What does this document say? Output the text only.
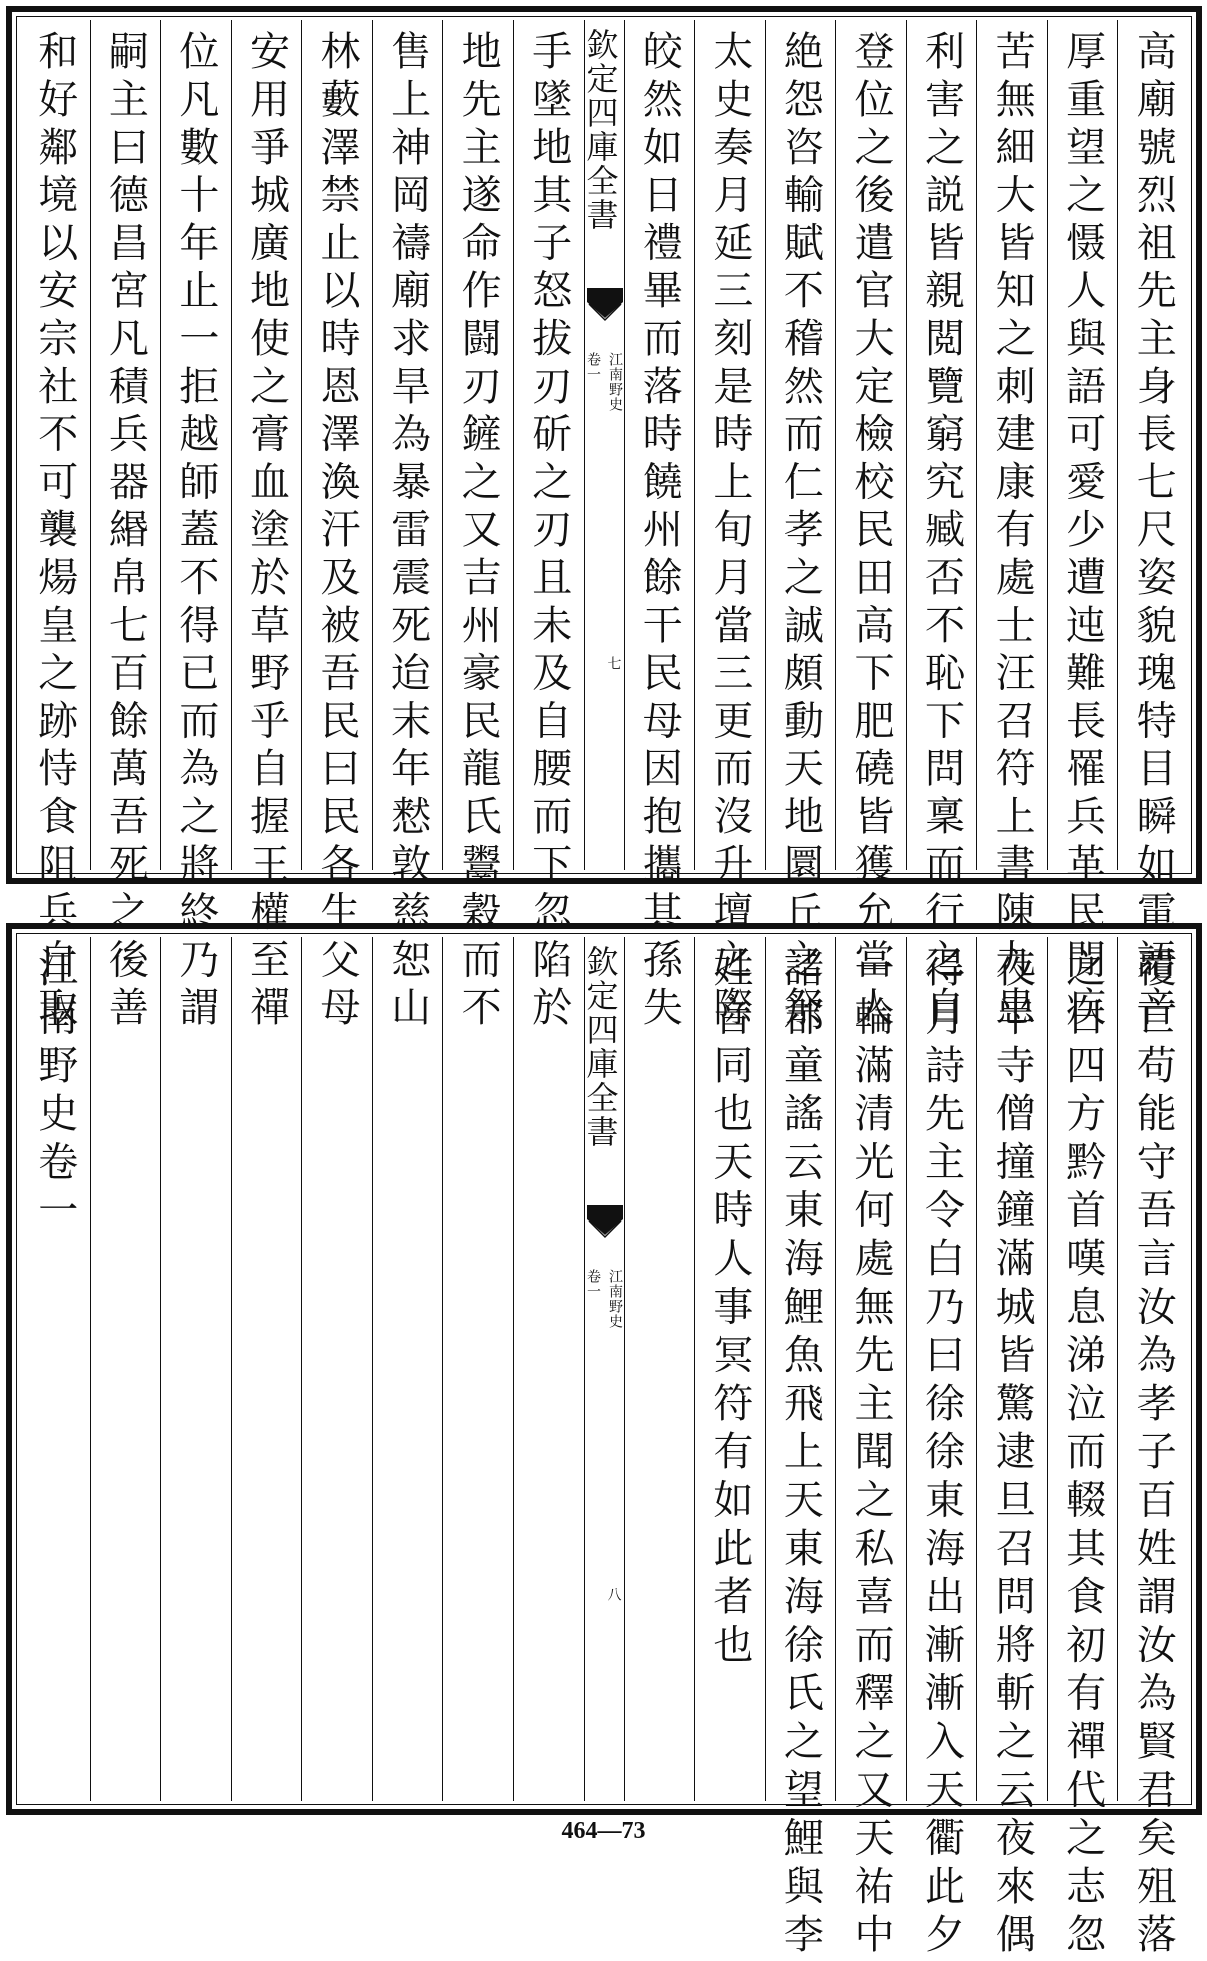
高廟號烈祖先主身長七尺姿貌瑰特目瞬如電語音
厚重望之慑人與語可愛少遭迍難長罹兵革民閒疾
苦無細大皆知之刺建康有處士汪召符上書陳九患
利害之説皆親閲覽窮究臧否不恥下問稟而行之自
登位之後遣官大定檢校民田高下肥磽皆獲允當人
絶怨咨輸賦不稽然而仁孝之誠頗動天地圜丘之祭
太史奏月延三刻是時上旬月當三更而沒升壇之際
皎然如日禮畢而落時饒州餘干民母因抱攜其孫失
欽定四庫全書
江南野史
卷一
七
手墜地其子怒拔刃斫之刃且未及自腰而下忽陷於
地先主遂命作闘刃鏟之又吉州豪民龍氏鬻穀而不
售上神岡禱廟求旱為暴雷震死迨末年慭敦慈恕山
林藪澤禁止以時恩澤渙汗及被吾民曰民各生父母
安用爭城廣地使之膏血塗於草野乎自握王權至禪
位凡數十年止一拒越師蓋不得已而為之將終乃謂
嗣主曰德昌宮凡積兵器緡帛七百餘萬吾死之後善
和好鄰境以安宗社不可襲煬皇之跡恃食阻兵自取
覆亡苟能守吾言汝為孝子百姓謂汝為賢君矣殂落
之日四方黔首嘆息涕泣而輟其食初有禪代之志忽
夜半寺僧撞鐘滿城皆驚逮旦召問將斬之云夜來偶
得月詩先主令白乃曰徐徐東海出漸漸入天衢此夕
一輪滿清光何處無先主聞之私喜而釋之又天祐中
諸郡童謠云東海鯉魚飛上天東海徐氏之望鯉與李
姓音同也天時人事冥符有如此者也
欽定四庫全書
江南野史
卷一
八
江南野史卷一
464—73
